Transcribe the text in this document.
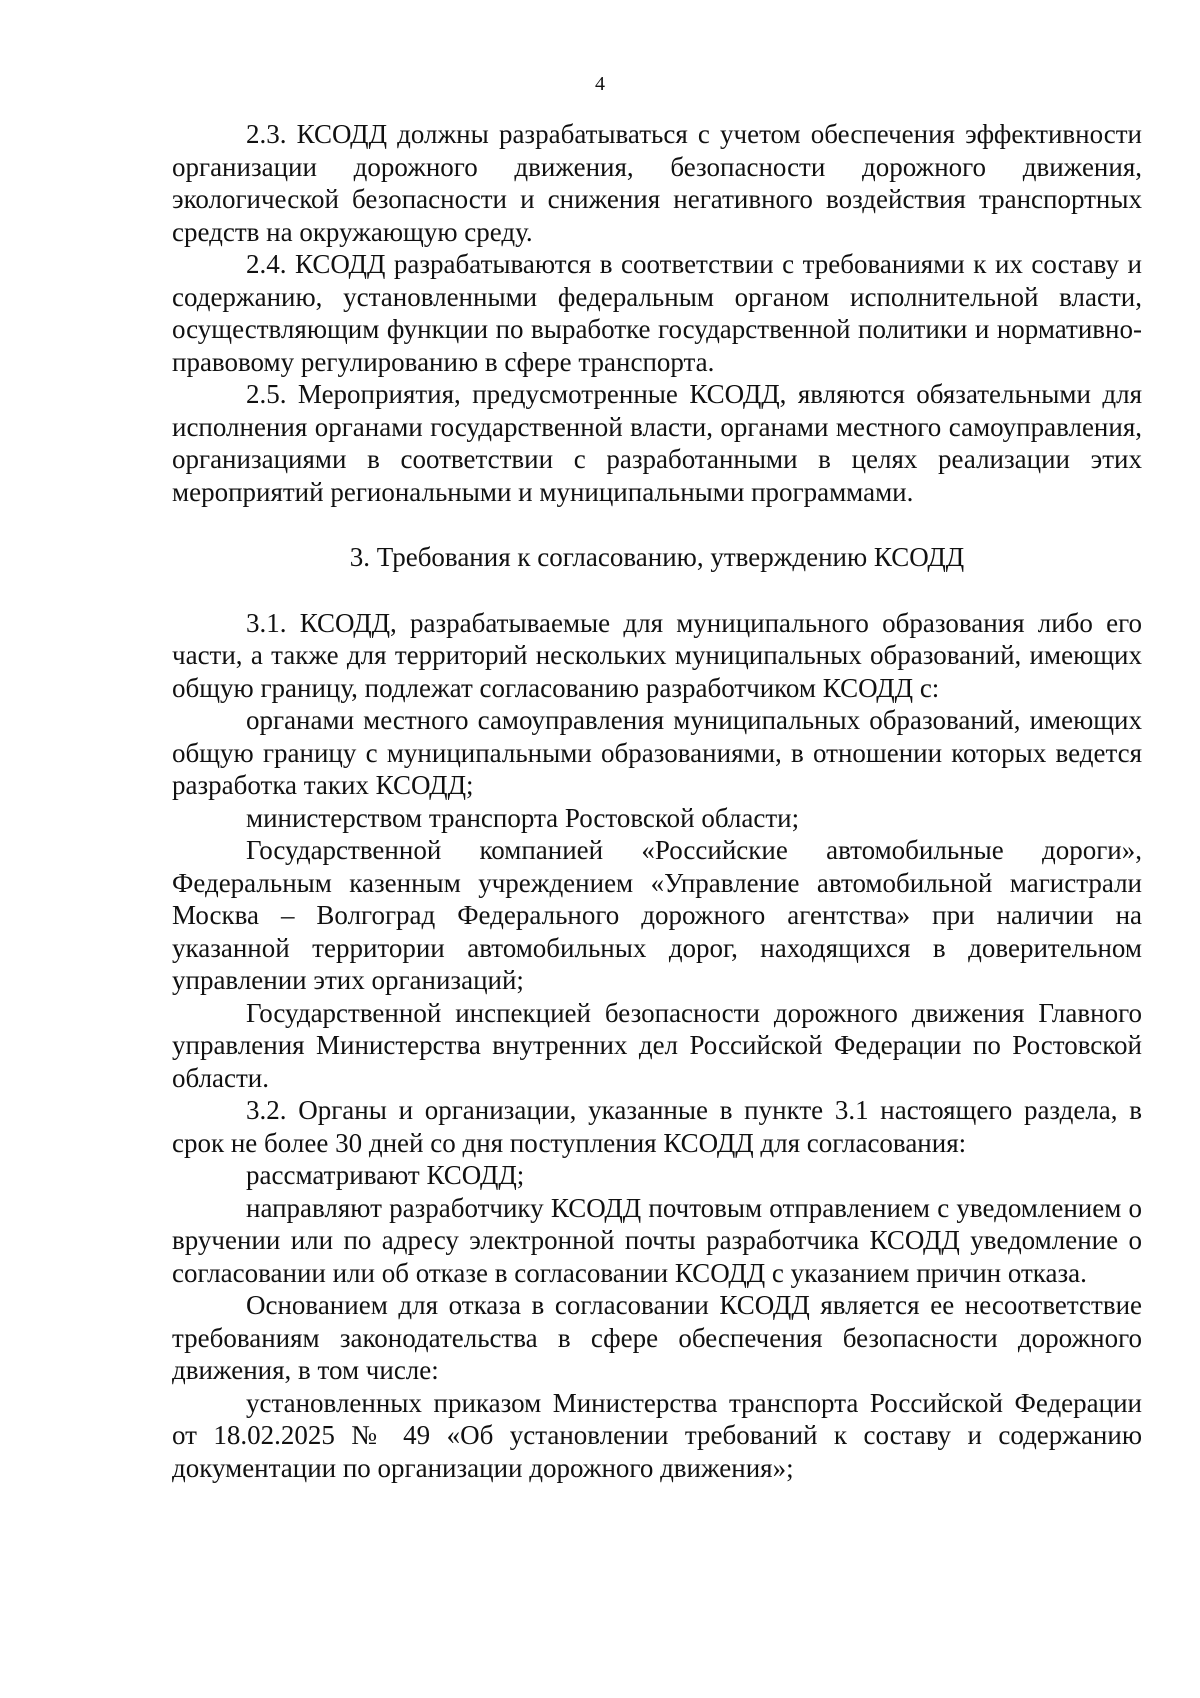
4

2.3. КСОДД должны разрабатываться с учетом обеспечения эффективности организации дорожного движения, безопасности дорожного движения, экологической безопасности и снижения негативного воздействия транспортных средств на окружающую среду.

2.4. КСОДД разрабатываются в соответствии с требованиями к их составу и содержанию, установленными федеральным органом исполнительной власти, осуществляющим функции по выработке государственной политики и нормативно-правовому регулированию в сфере транспорта.

2.5. Мероприятия, предусмотренные КСОДД, являются обязательными для исполнения органами государственной власти, органами местного самоуправления, организациями в соответствии с разработанными в целях реализации этих мероприятий региональными и муниципальными программами.

3. Требования к согласованию, утверждению КСОДД

3.1. КСОДД, разрабатываемые для муниципального образования либо его части, а также для территорий нескольких муниципальных образований, имеющих общую границу, подлежат согласованию разработчиком КСОДД с:

органами местного самоуправления муниципальных образований, имеющих общую границу с муниципальными образованиями, в отношении которых ведется разработка таких КСОДД;

министерством транспорта Ростовской области;

Государственной компанией «Российские автомобильные дороги», Федеральным казенным учреждением «Управление автомобильной магистрали Москва – Волгоград Федерального дорожного агентства» при наличии на указанной территории автомобильных дорог, находящихся в доверительном управлении этих организаций;

Государственной инспекцией безопасности дорожного движения Главного управления Министерства внутренних дел Российской Федерации по Ростовской области.

3.2. Органы и организации, указанные в пункте 3.1 настоящего раздела, в срок не более 30 дней со дня поступления КСОДД для согласования:

рассматривают КСОДД;

направляют разработчику КСОДД почтовым отправлением с уведомлением о вручении или по адресу электронной почты разработчика КСОДД уведомление о согласовании или об отказе в согласовании КСОДД с указанием причин отказа.

Основанием для отказа в согласовании КСОДД является ее несоответствие требованиям законодательства в сфере обеспечения безопасности дорожного движения, в том числе:

установленных приказом Министерства транспорта Российской Федерации от 18.02.2025 № 49 «Об установлении требований к составу и содержанию документации по организации дорожного движения»;
